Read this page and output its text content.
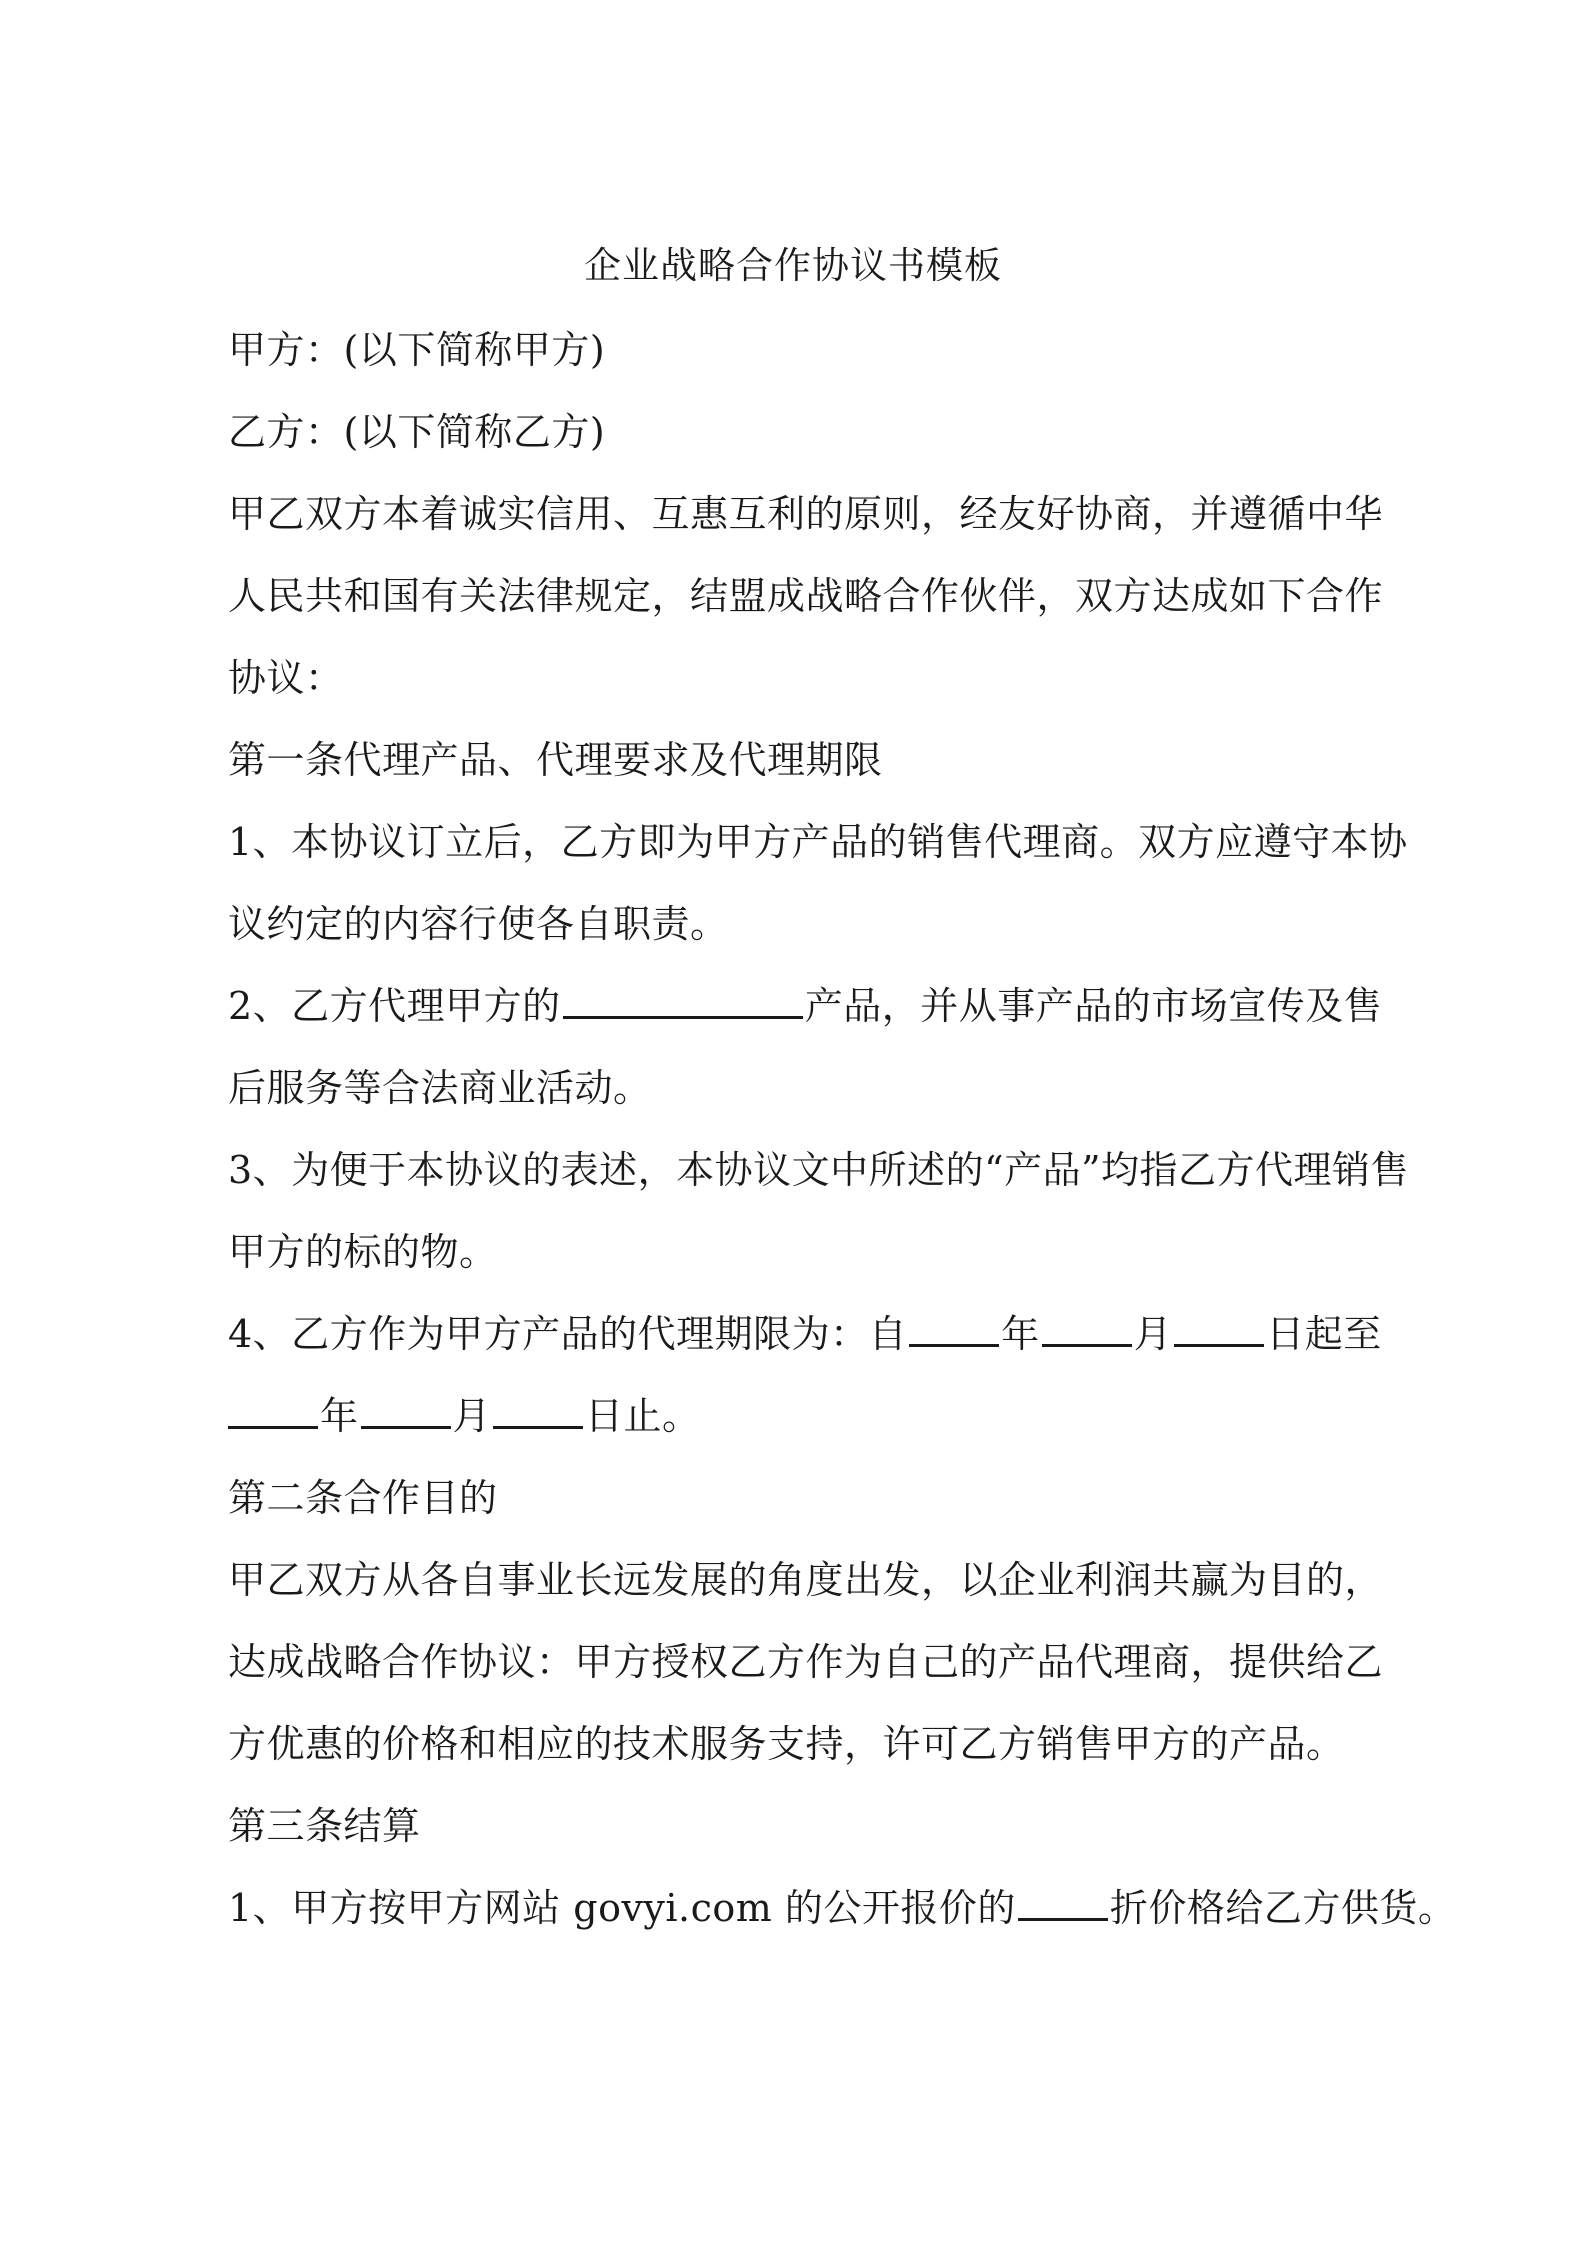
企业战略合作协议书模板
甲方：(以下简称甲方)
乙方：(以下简称乙方)
甲乙双方本着诚实信用、互惠互利的原则，经友好协商，并遵循中华
人民共和国有关法律规定，结盟成战略合作伙伴，双方达成如下合作
协议：
第一条代理产品、代理要求及代理期限
1、本协议订立后，乙方即为甲方产品的销售代理商。双方应遵守本协
议约定的内容行使各自职责。
2、乙方代理甲方的	产品，并从事产品的市场宣传及售
后服务等合法商业活动。
3、为便于本协议的表述，本协议文中所述的“产品”均指乙方代理销售
甲方的标的物。
4、乙方作为甲方产品的代理期限为：自 年 月 日起至
年 月 日止。
第二条合作目的
甲乙双方从各自事业长远发展的角度出发，以企业利润共赢为目的，
达成战略合作协议：甲方授权乙方作为自己的产品代理商，提供给乙
方优惠的价格和相应的技术服务支持，许可乙方销售甲方的产品。
第三条结算
1、甲方按甲方网站 govyi.com 的公开报价的 折价格给乙方供货。
